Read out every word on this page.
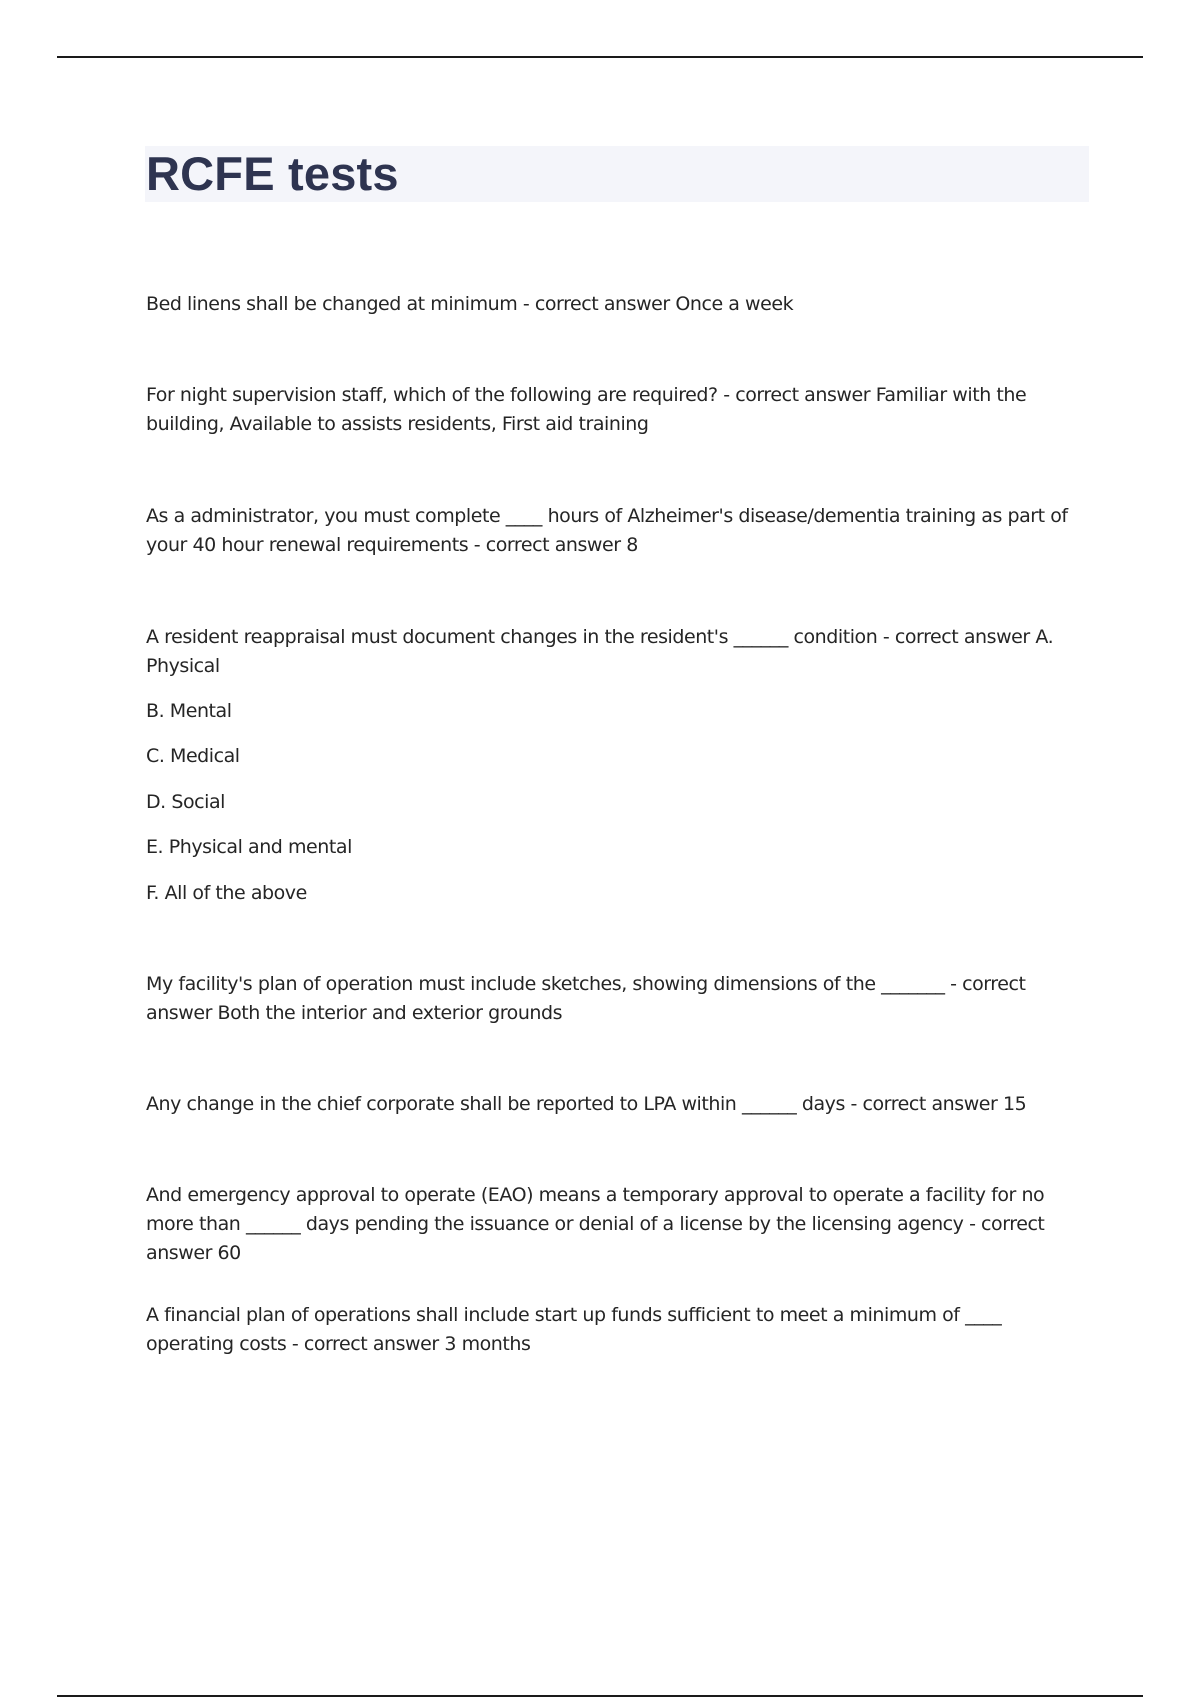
RCFE tests

Bed linens shall be changed at minimum - correct answer Once a week

For night supervision staff, which of the following are required? - correct answer Familiar with the building, Available to assists residents, First aid training

As a administrator, you must complete ____ hours of Alzheimer's disease/dementia training as part of your 40 hour renewal requirements - correct answer 8

A resident reappraisal must document changes in the resident's ______ condition - correct answer A. Physical

B. Mental

C. Medical

D. Social

E. Physical and mental

F. All of the above

My facility's plan of operation must include sketches, showing dimensions of the _______ - correct answer Both the interior and exterior grounds

Any change in the chief corporate shall be reported to LPA within ______ days - correct answer 15

And emergency approval to operate (EAO) means a temporary approval to operate a facility for no more than ______ days pending the issuance or denial of a license by the licensing agency - correct answer 60

A financial plan of operations shall include start up funds sufficient to meet a minimum of ____ operating costs - correct answer 3 months
